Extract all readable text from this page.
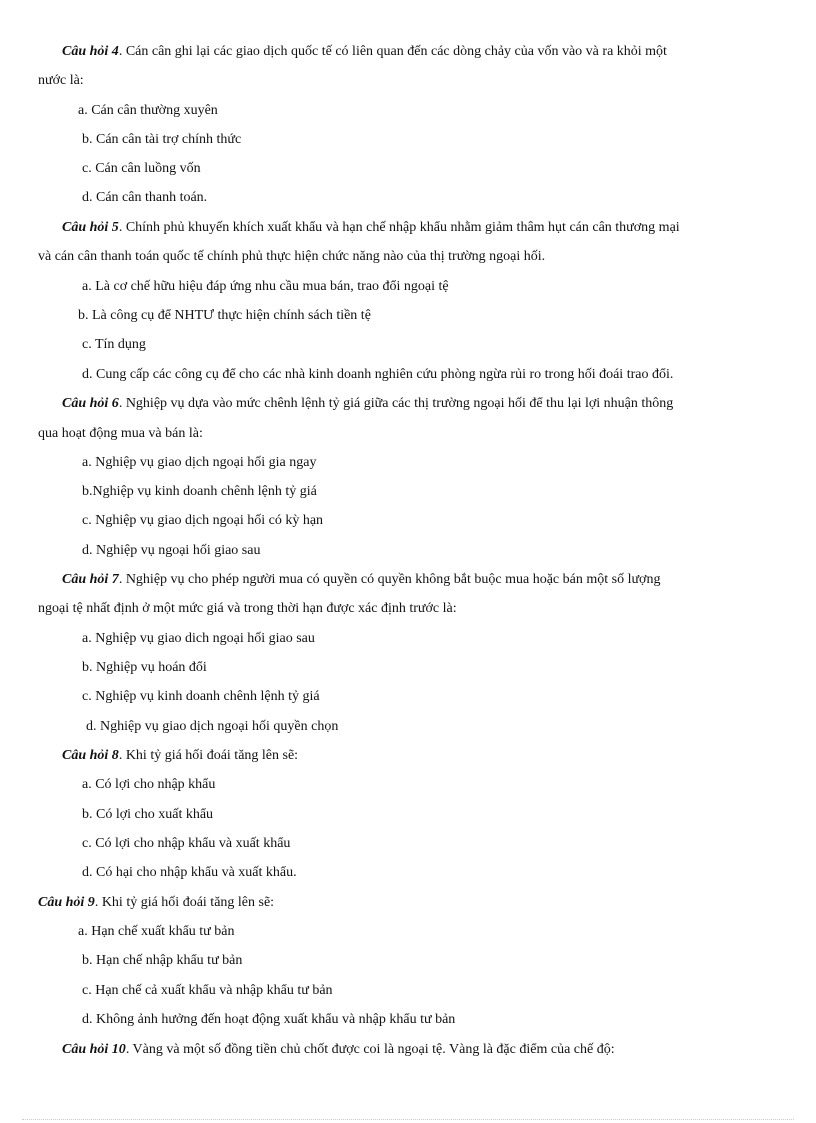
Câu hỏi 4. Cán cân ghi lại các giao dịch quốc tế có liên quan đến các dòng chảy của vốn vào và ra khỏi một
nước là:
a. Cán cân thường xuyên
b. Cán cân tài trợ chính thức
c. Cán cân luồng vốn
d. Cán cân thanh toán.
Câu hỏi 5. Chính phủ khuyến khích xuất khẩu và hạn chế nhập khẩu nhằm giảm thâm hụt cán cân thương mại
và cán cân thanh toán quốc tế chính phủ thực hiện chức năng nào của thị trường ngoại hối.
a. Là cơ chế hữu hiệu đáp ứng nhu cầu mua bán, trao đổi ngoại tệ
b. Là công cụ để NHTƯ thực hiện chính sách tiền tệ
c. Tín dụng
d. Cung cấp các công cụ để cho các nhà kinh doanh nghiên cứu phòng ngừa rủi ro trong hối đoái trao đổi.
Câu hỏi 6. Nghiệp vụ dựa vào mức chênh lệnh tỷ giá giữa các thị trường ngoại hối để thu lại lợi nhuận thông
qua hoạt động mua và bán là:
a. Nghiệp vụ giao dịch ngoại hối gia ngay
b.Nghiệp vụ kinh doanh chênh lệnh tỷ giá
c. Nghiệp vụ giao dịch ngoại hối có kỳ hạn
d. Nghiệp vụ ngoại hối giao sau
Câu hỏi 7. Nghiệp vụ cho phép người mua có quyền có quyền không bắt buộc mua hoặc bán một số lượng
ngoại tệ nhất định ở một mức giá và trong thời hạn được xác định trước là:
a. Nghiệp vụ giao dich ngoại hối giao sau
b. Nghiệp vụ hoán đổi
c. Nghiệp vụ kinh doanh chênh lệnh tỷ giá
d. Nghiệp vụ giao dịch ngoại hối quyền chọn
Câu hỏi 8. Khi tỷ giá hối đoái tăng lên sẽ:
a. Có lợi cho nhập khẩu
b. Có lợi cho xuất khẩu
c. Có lợi cho nhập khẩu và xuất khẩu
d. Có hại cho nhập khẩu và xuất khẩu.
Câu hỏi 9. Khi tỷ giá hối đoái tăng lên sẽ:
a. Hạn chế xuất khẩu tư bản
b. Hạn chế nhập khẩu tư bản
c. Hạn chế cả xuất khẩu và nhập khẩu tư bản
d. Không ảnh hưởng đến hoạt động xuất khẩu và nhập khẩu tư bản
Câu hỏi 10. Vàng và một số đồng tiền chủ chốt được coi là ngoại tệ. Vàng là đặc điểm của chế độ:
